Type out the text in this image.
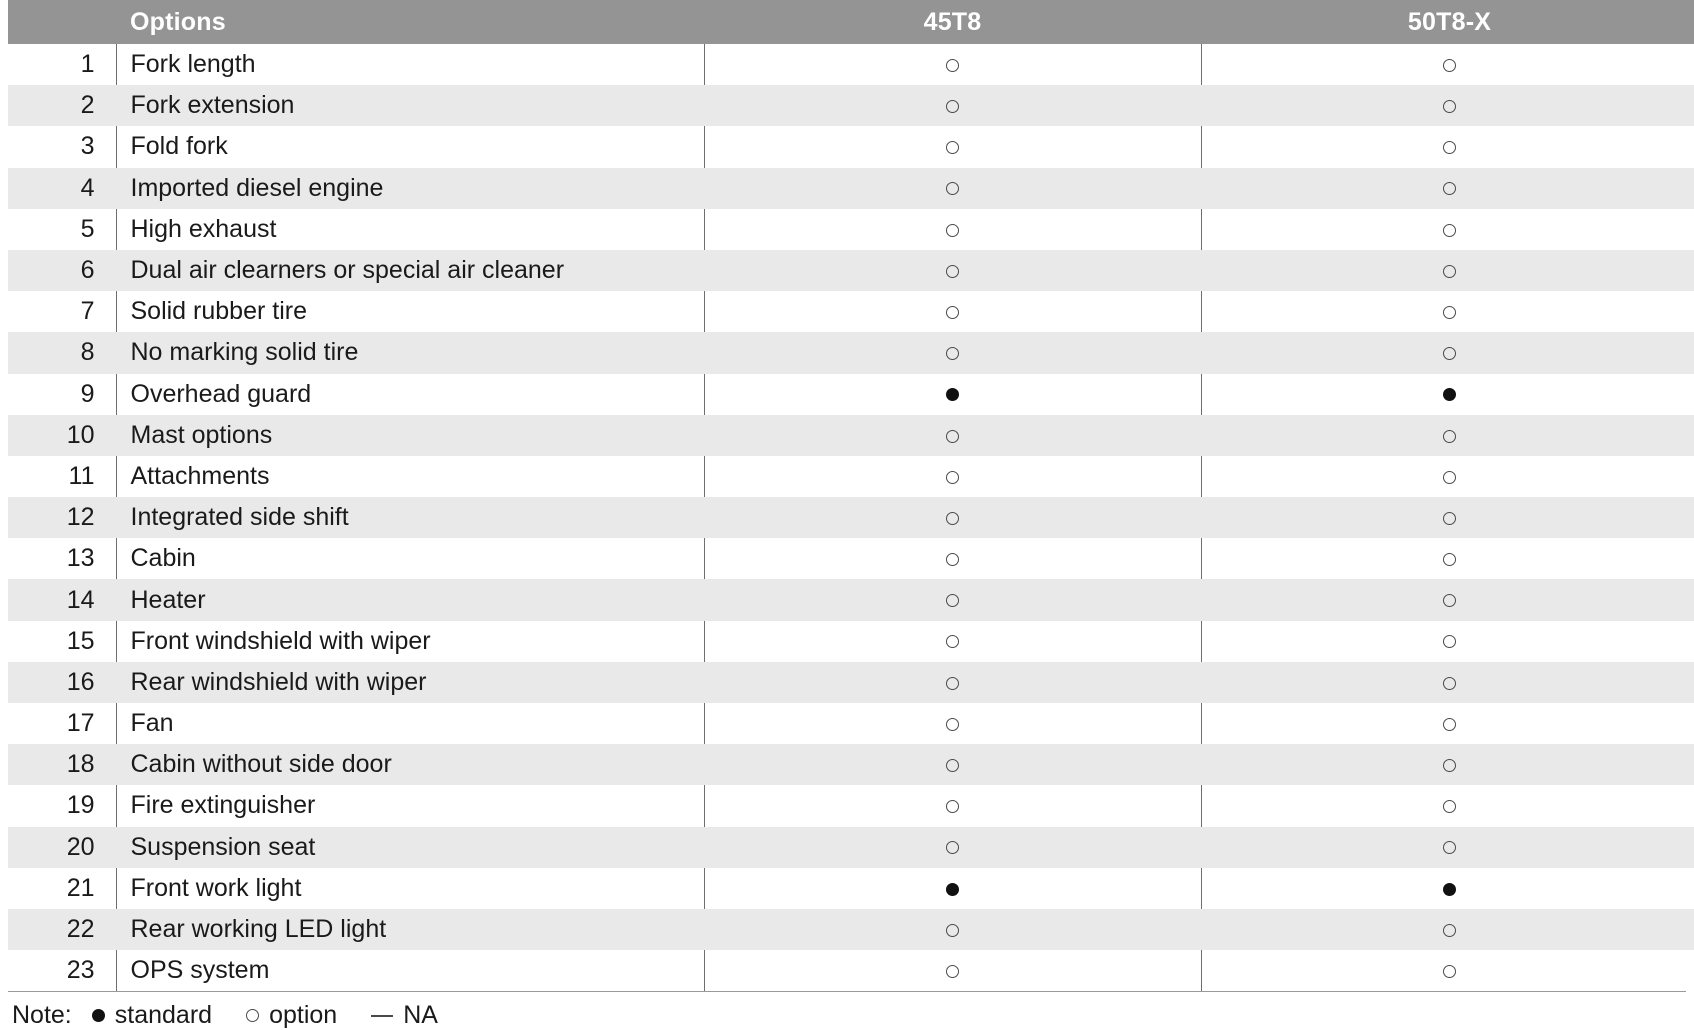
	Options	45T8	50T8-X
1	Fork length		
2	Fork extension		
3	Fold fork		
4	Imported diesel engine		
5	High exhaust		
6	Dual air clearners or special air cleaner		
7	Solid rubber tire		
8	No marking solid tire		
9	Overhead guard		
10	Mast options		
11	Attachments		
12	Integrated side shift		
13	Cabin		
14	Heater		
15	Front windshield with wiper		
16	Rear windshield with wiper		
17	Fan		
18	Cabin without side door		
19	Fire extinguisher		
20	Suspension seat		
21	Front work light		
22	Rear working LED light		
23	OPS system		
Note: standard option	NA
